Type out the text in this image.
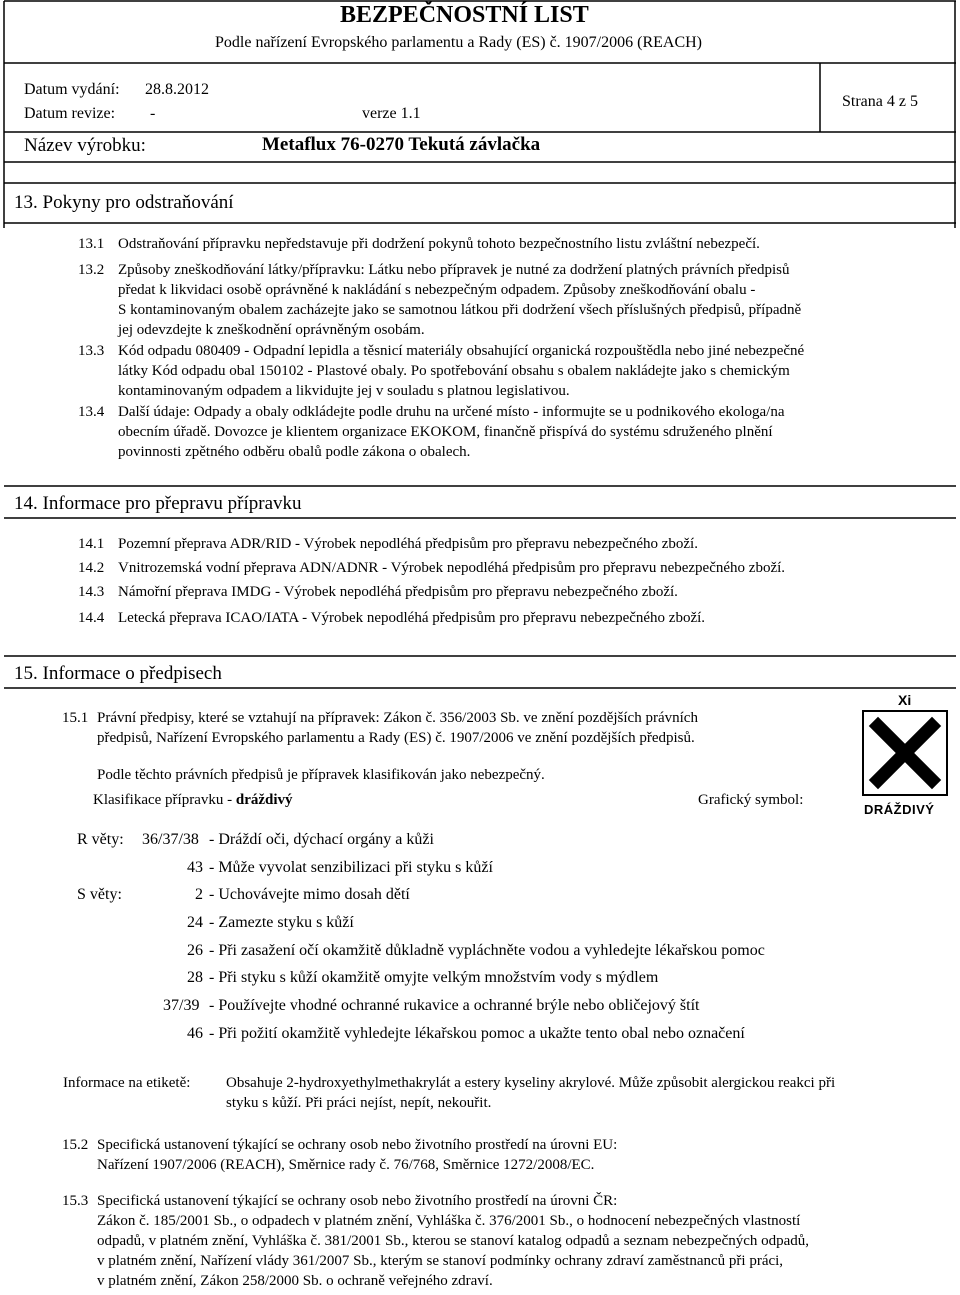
BEZPEČNOSTNÍ LIST
Podle nařízení Evropského parlamentu a Rady (ES) č. 1907/2006 (REACH)
Datum vydání: 28.8.2012
Datum revize: -	verze 1.1
Strana 4 z 5
Název výrobku:	Metaflux 76-0270 Tekutá závlačka
13. Pokyny pro odstraňování
13.1 Odstraňování přípravku nepředstavuje při dodržení pokynů tohoto bezpečnostního listu zvláštní nebezpečí.
13.2 Způsoby zneškodňování látky/přípravku: Látku nebo přípravek je nutné za dodržení platných právních předpisů
předat k likvidaci osobě oprávněné k nakládání s nebezpečným odpadem. Způsoby zneškodňování obalu -
S kontaminovaným obalem zacházejte jako se samotnou látkou při dodržení všech příslušných předpisů, případně
jej odevzdejte k zneškodnění oprávněným osobám.
13.3 Kód odpadu 080409 - Odpadní lepidla a těsnicí materiály obsahující organická rozpouštědla nebo jiné nebezpečné
látky Kód odpadu obal 150102 - Plastové obaly. Po spotřebování obsahu s obalem nakládejte jako s chemickým
kontaminovaným odpadem a likvidujte jej v souladu s platnou legislativou.
13.4 Další údaje: Odpady a obaly odkládejte podle druhu na určené místo - informujte se u podnikového ekologa/na
obecním úřadě. Dovozce je klientem organizace EKOKOM, finančně přispívá do systému sdruženého plnění
povinnosti zpětného odběru obalů podle zákona o obalech.
14. Informace pro přepravu přípravku
14.1 Pozemní přeprava ADR/RID - Výrobek nepodléhá předpisům pro přepravu nebezpečného zboží.
14.2 Vnitrozemská vodní přeprava ADN/ADNR - Výrobek nepodléhá předpisům pro přepravu nebezpečného zboží.
14.3 Námořní přeprava IMDG - Výrobek nepodléhá předpisům pro přepravu nebezpečného zboží.
14.4 Letecká přeprava ICAO/IATA - Výrobek nepodléhá předpisům pro přepravu nebezpečného zboží.
15. Informace o předpisech
15.1 Právní předpisy, které se vztahují na přípravek: Zákon č. 356/2003 Sb. ve znění pozdějších právních
předpisů, Nařízení Evropského parlamentu a Rady (ES) č. 1907/2006 ve znění pozdějších předpisů.
Podle těchto právních předpisů je přípravek klasifikován jako nebezpečný.
Klasifikace přípravku - dráždivý	Grafický symbol:
Xi
DRÁŽDIVÝ
R věty: 36/37/38 - Dráždí oči, dýchací orgány a kůži
43 - Může vyvolat senzibilizaci při styku s kůží
S věty:	2 - Uchovávejte mimo dosah dětí
24 - Zamezte styku s kůží
26 - Při zasažení očí okamžitě důkladně vypláchněte vodou a vyhledejte lékařskou pomoc
28 - Při styku s kůží okamžitě omyjte velkým množstvím vody s mýdlem
37/39 - Používejte vhodné ochranné rukavice a ochranné brýle nebo obličejový štít
46 - Při požití okamžitě vyhledejte lékařskou pomoc a ukažte tento obal nebo označení
Informace na etiketě: Obsahuje 2-hydroxyethylmethakrylát a estery kyseliny akrylové. Může způsobit alergickou reakci při
styku s kůží. Při práci nejíst, nepít, nekouřit.
15.2 Specifická ustanovení týkající se ochrany osob nebo životního prostředí na úrovni EU:
Nařízení 1907/2006 (REACH), Směrnice rady č. 76/768, Směrnice 1272/2008/EC.
15.3 Specifická ustanovení týkající se ochrany osob nebo životního prostředí na úrovni ČR:
Zákon č. 185/2001 Sb., o odpadech v platném znění, Vyhláška č. 376/2001 Sb., o hodnocení nebezpečných vlastností
odpadů, v platném znění, Vyhláška č. 381/2001 Sb., kterou se stanoví katalog odpadů a seznam nebezpečných odpadů,
v platném znění, Nařízení vlády 361/2007 Sb., kterým se stanoví podmínky ochrany zdraví zaměstnanců při práci,
v platném znění, Zákon 258/2000 Sb. o ochraně veřejného zdraví.
